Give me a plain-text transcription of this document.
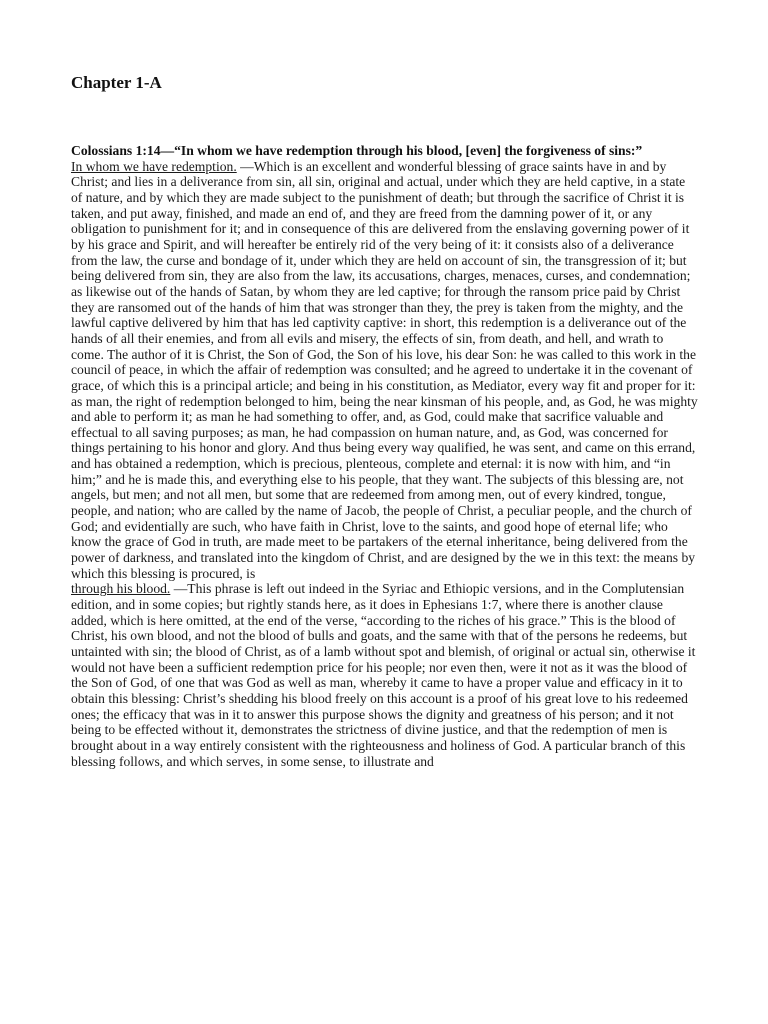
Chapter 1-A

Colossians 1:14—“In whom we have redemption through his blood, [even] the forgiveness of sins:”

In whom we have redemption. —Which is an excellent and wonderful blessing of grace saints have in and by Christ; and lies in a deliverance from sin, all sin, original and actual, under which they are held captive, in a state of nature, and by which they are made subject to the punishment of death; but through the sacrifice of Christ it is taken, and put away, finished, and made an end of, and they are freed from the damning power of it, or any obligation to punishment for it; and in consequence of this are delivered from the enslaving governing power of it by his grace and Spirit, and will hereafter be entirely rid of the very being of it: it consists also of a deliverance from the law, the curse and bondage of it, under which they are held on account of sin, the transgression of it; but being delivered from sin, they are also from the law, its accusations, charges, menaces, curses, and condemnation; as likewise out of the hands of Satan, by whom they are led captive; for through the ransom price paid by Christ they are ransomed out of the hands of him that was stronger than they, the prey is taken from the mighty, and the lawful captive delivered by him that has led captivity captive: in short, this redemption is a deliverance out of the hands of all their enemies, and from all evils and misery, the effects of sin, from death, and hell, and wrath to come. The author of it is Christ, the Son of God, the Son of his love, his dear Son: he was called to this work in the council of peace, in which the affair of redemption was consulted; and he agreed to undertake it in the covenant of grace, of which this is a principal article; and being in his constitution, as Mediator, every way fit and proper for it: as man, the right of redemption belonged to him, being the near kinsman of his people, and, as God, he was mighty and able to perform it; as man he had something to offer, and, as God, could make that sacrifice valuable and effectual to all saving purposes; as man, he had compassion on human nature, and, as God, was concerned for things pertaining to his honor and glory. And thus being every way qualified, he was sent, and came on this errand, and has obtained a redemption, which is precious, plenteous, complete and eternal: it is now with him, and “in him;” and he is made this, and everything else to his people, that they want. The subjects of this blessing are, not angels, but men; and not all men, but some that are redeemed from among men, out of every kindred, tongue, people, and nation; who are called by the name of Jacob, the people of Christ, a peculiar people, and the church of God; and evidentially are such, who have faith in Christ, love to the saints, and good hope of eternal life; who know the grace of God in truth, are made meet to be partakers of the eternal inheritance, being delivered from the power of darkness, and translated into the kingdom of Christ, and are designed by the we in this text: the means by which this blessing is procured, is

through his blood. —This phrase is left out indeed in the Syriac and Ethiopic versions, and in the Complutensian edition, and in some copies; but rightly stands here, as it does in Ephesians 1:7, where there is another clause added, which is here omitted, at the end of the verse, “according to the riches of his grace.” This is the blood of Christ, his own blood, and not the blood of bulls and goats, and the same with that of the persons he redeems, but untainted with sin; the blood of Christ, as of a lamb without spot and blemish, of original or actual sin, otherwise it would not have been a sufficient redemption price for his people; nor even then, were it not as it was the blood of the Son of God, of one that was God as well as man, whereby it came to have a proper value and efficacy in it to obtain this blessing: Christ’s shedding his blood freely on this account is a proof of his great love to his redeemed ones; the efficacy that was in it to answer this purpose shows the dignity and greatness of his person; and it not being to be effected without it, demonstrates the strictness of divine justice, and that the redemption of men is brought about in a way entirely consistent with the righteousness and holiness of God. A particular branch of this blessing follows, and which serves, in some sense, to illustrate and
